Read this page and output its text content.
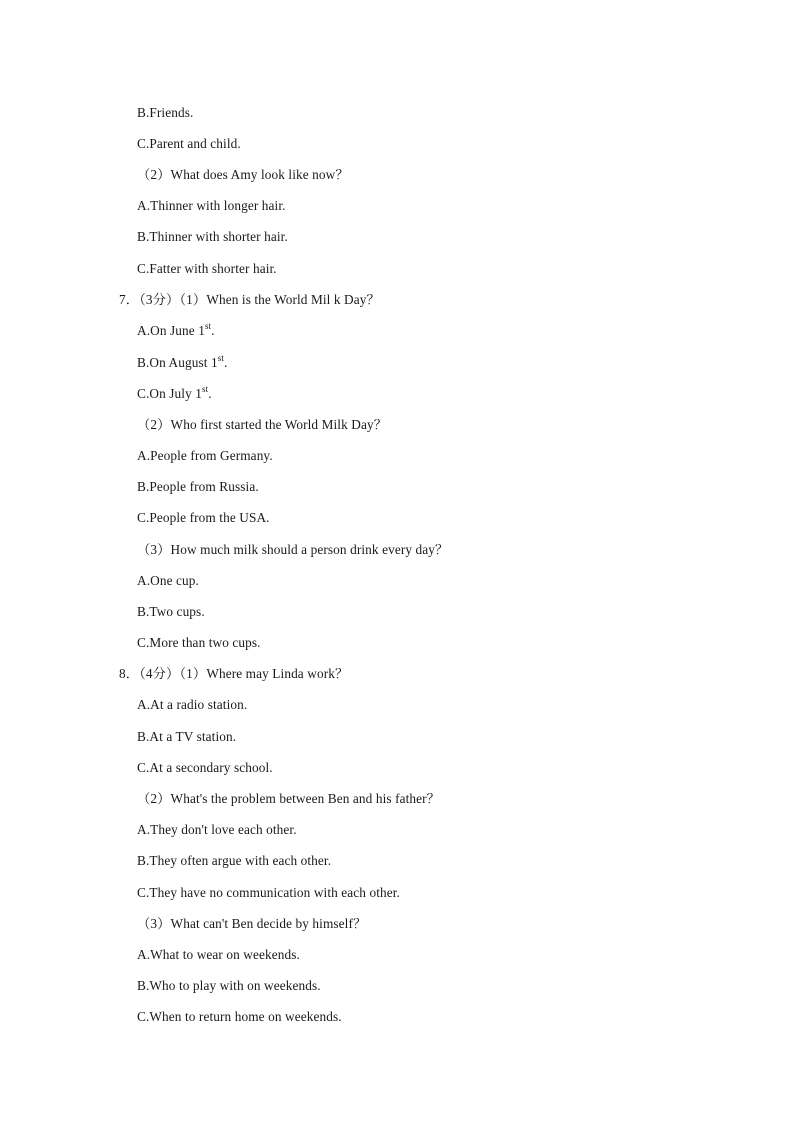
B.Friends.
C.Parent and child.
（2）What does Amy look like now？
A.Thinner with longer hair.
B.Thinner with shorter hair.
C.Fatter with shorter hair.
7．（3分）（1）When is the World Mil k Day？
A.On June 1st.
B.On August 1st.
C.On July 1st.
（2）Who first started the World Milk Day？
A.People from Germany.
B.People from Russia.
C.People from the USA.
（3）How much milk should a person drink every day？
A.One cup.
B.Two cups.
C.More than two cups.
8．（4分）（1）Where may Linda work？
A.At a radio station.
B.At a TV station.
C.At a secondary school.
（2）What's the problem between Ben and his father？
A.They don't love each other.
B.They often argue with each other.
C.They have no communication with each other.
（3）What can't Ben decide by himself？
A.What to wear on weekends.
B.Who to play with on weekends.
C.When to return home on weekends.
